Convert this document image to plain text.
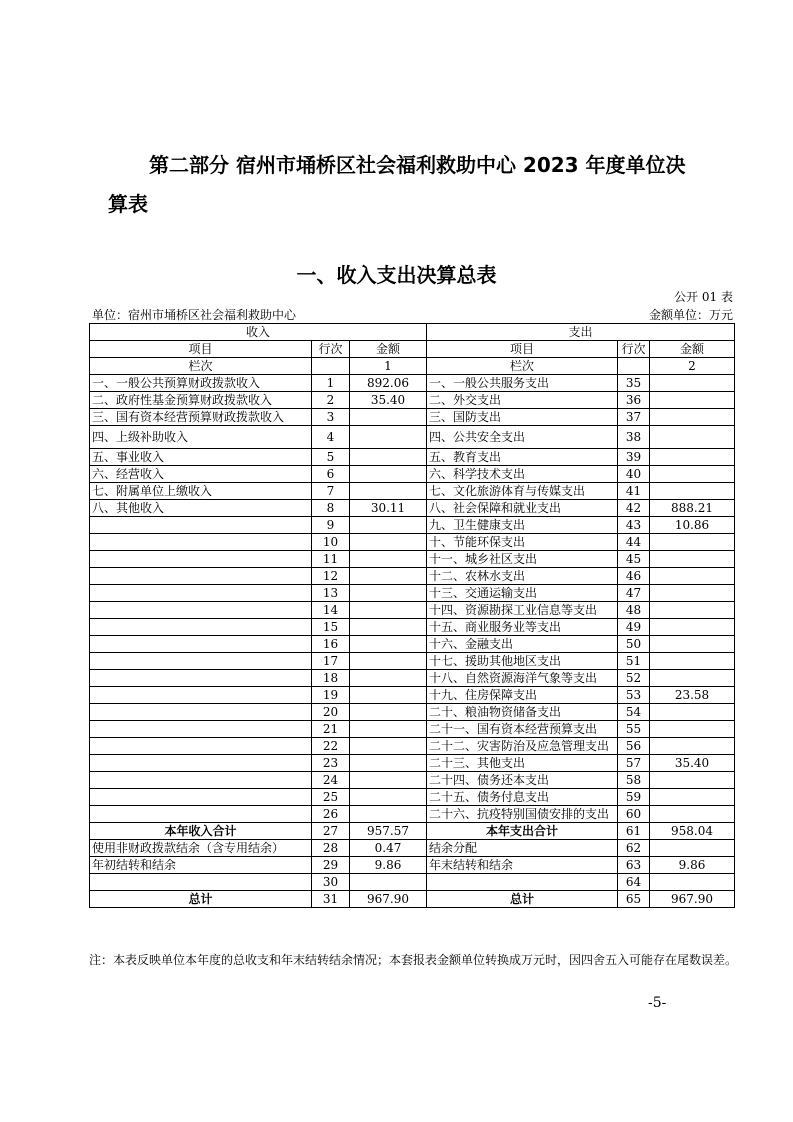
第二部分 宿州市埇桥区社会福利救助中心 2023 年度单位决
算表
一、收入支出决算总表
公开 01 表
单位：宿州市埇桥区社会福利救助中心	金额单位：万元
收入			支出		
项目	行次	金额	项目	行次	金额
栏次		1	栏次		2
一、一般公共预算财政拨款收入	1	892.06	一、一般公共服务支出	35	
二、政府性基金预算财政拨款收入	2	35.40	二、外交支出	36	
三、国有资本经营预算财政拨款收入	3		三、国防支出	37	
四、上级补助收入	4		四、公共安全支出	38	
五、事业收入	5		五、教育支出	39	
六、经营收入	6		六、科学技术支出	40	
七、附属单位上缴收入	7		七、文化旅游体育与传媒支出	41	
八、其他收入	8	30.11	八、社会保障和就业支出	42	888.21
	9		九、卫生健康支出	43	10.86
	10		十、节能环保支出	44	
	11		十一、城乡社区支出	45	
	12		十二、农林水支出	46	
	13		十三、交通运输支出	47	
	14		十四、资源勘探工业信息等支出	48	
	15		十五、商业服务业等支出	49	
	16		十六、金融支出	50	
	17		十七、援助其他地区支出	51	
	18		十八、自然资源海洋气象等支出	52	
	19		十九、住房保障支出	53	23.58
	20		二十、粮油物资储备支出	54	
	21		二十一、国有资本经营预算支出	55	
	22		二十二、灾害防治及应急管理支出	56	
	23		二十三、其他支出	57	35.40
	24		二十四、债务还本支出	58	
	25		二十五、债务付息支出	59	
	26		二十六、抗疫特别国债安排的支出	60	
本年收入合计	27	957.57	本年支出合计	61	958.04
使用非财政拨款结余（含专用结余）	28	0.47	结余分配	62	
年初结转和结余	29	9.86	年末结转和结余	63	9.86
	30			64	
总计	31	967.90	总计	65	967.90
注：本表反映单位本年度的总收支和年末结转结余情况；本套报表金额单位转换成万元时，因四舍五入可能存在尾数误差。
-5-
